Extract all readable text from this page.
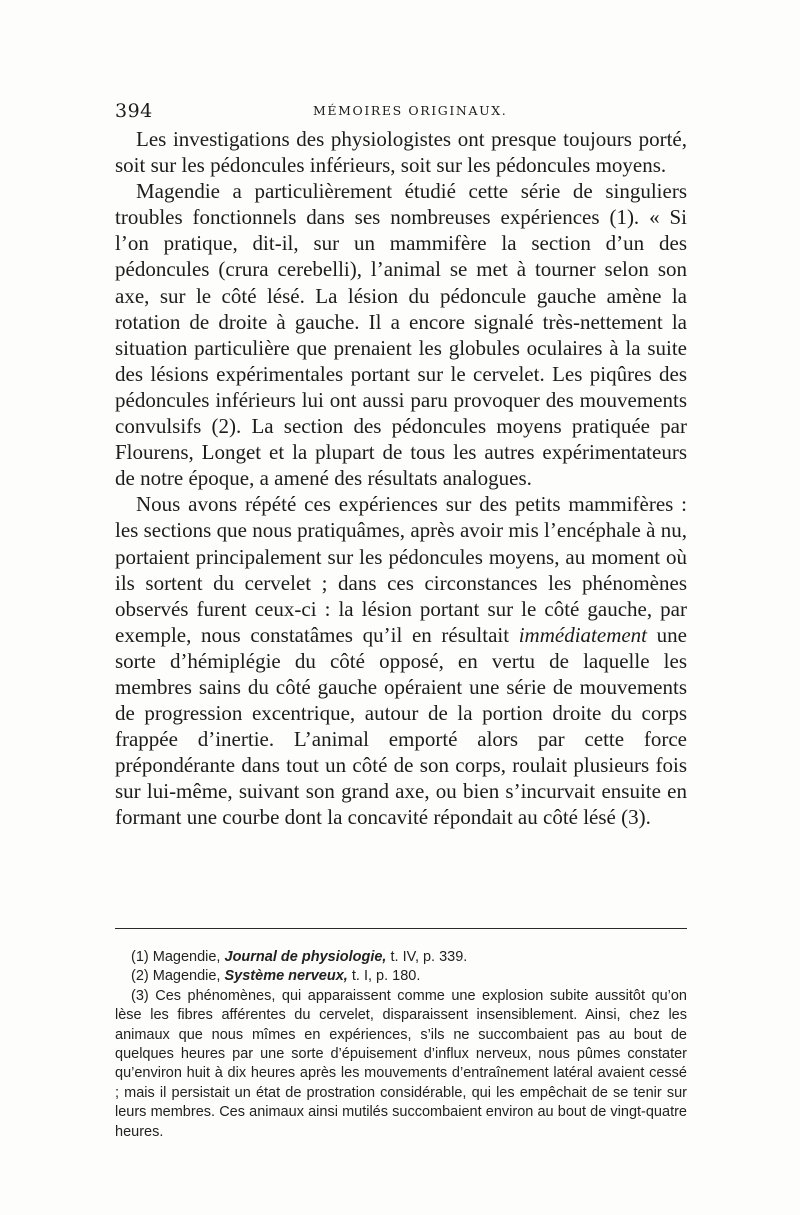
394	MÉMOIRES ORIGINAUX.

Les investigations des physiologistes ont presque toujours porté, soit sur les pédoncules inférieurs, soit sur les pédoncules moyens.

Magendie a particulièrement étudié cette série de singuliers troubles fonctionnels dans ses nombreuses expériences (1). « Si l’on pratique, dit-il, sur un mammifère la section d’un des pédoncules (crura cerebelli), l’animal se met à tourner selon son axe, sur le côté lésé. La lésion du pédoncule gauche amène la rotation de droite à gauche. Il a encore signalé très-nettement la situation particulière que prenaient les globules oculaires à la suite des lésions expérimentales portant sur le cervelet. Les piqûres des pédoncules inférieurs lui ont aussi paru provoquer des mouvements convulsifs (2). La section des pédoncules moyens pratiquée par Flourens, Longet et la plupart de tous les autres expérimentateurs de notre époque, a amené des résultats analogues.

Nous avons répété ces expériences sur des petits mammifères : les sections que nous pratiquâmes, après avoir mis l’encéphale à nu, portaient principalement sur les pédoncules moyens, au moment où ils sortent du cervelet ; dans ces circonstances les phénomènes observés furent ceux-ci : la lésion portant sur le côté gauche, par exemple, nous constatâmes qu’il en résultait immédiatement une sorte d’hémiplégie du côté opposé, en vertu de laquelle les membres sains du côté gauche opéraient une série de mouvements de progression excentrique, autour de la portion droite du corps frappée d’inertie. L’animal emporté alors par cette force prépondérante dans tout un côté de son corps, roulait plusieurs fois sur lui-même, suivant son grand axe, ou bien s’incurvait ensuite en formant une courbe dont la concavité répondait au côté lésé (3).

(1) Magendie, Journal de physiologie, t. IV, p. 339.

(2) Magendie, Système nerveux, t. I, p. 180.

(3) Ces phénomènes, qui apparaissent comme une explosion subite aussitôt qu’on lèse les fibres afférentes du cervelet, disparaissent insensiblement. Ainsi, chez les animaux que nous mîmes en expériences, s’ils ne succombaient pas au bout de quelques heures par une sorte d’épuisement d’influx nerveux, nous pûmes constater qu’environ huit à dix heures après les mouvements d’entraînement latéral avaient cessé ; mais il persistait un état de prostration considérable, qui les empêchait de se tenir sur leurs membres. Ces animaux ainsi mutilés succombaient environ au bout de vingt-quatre heures.
